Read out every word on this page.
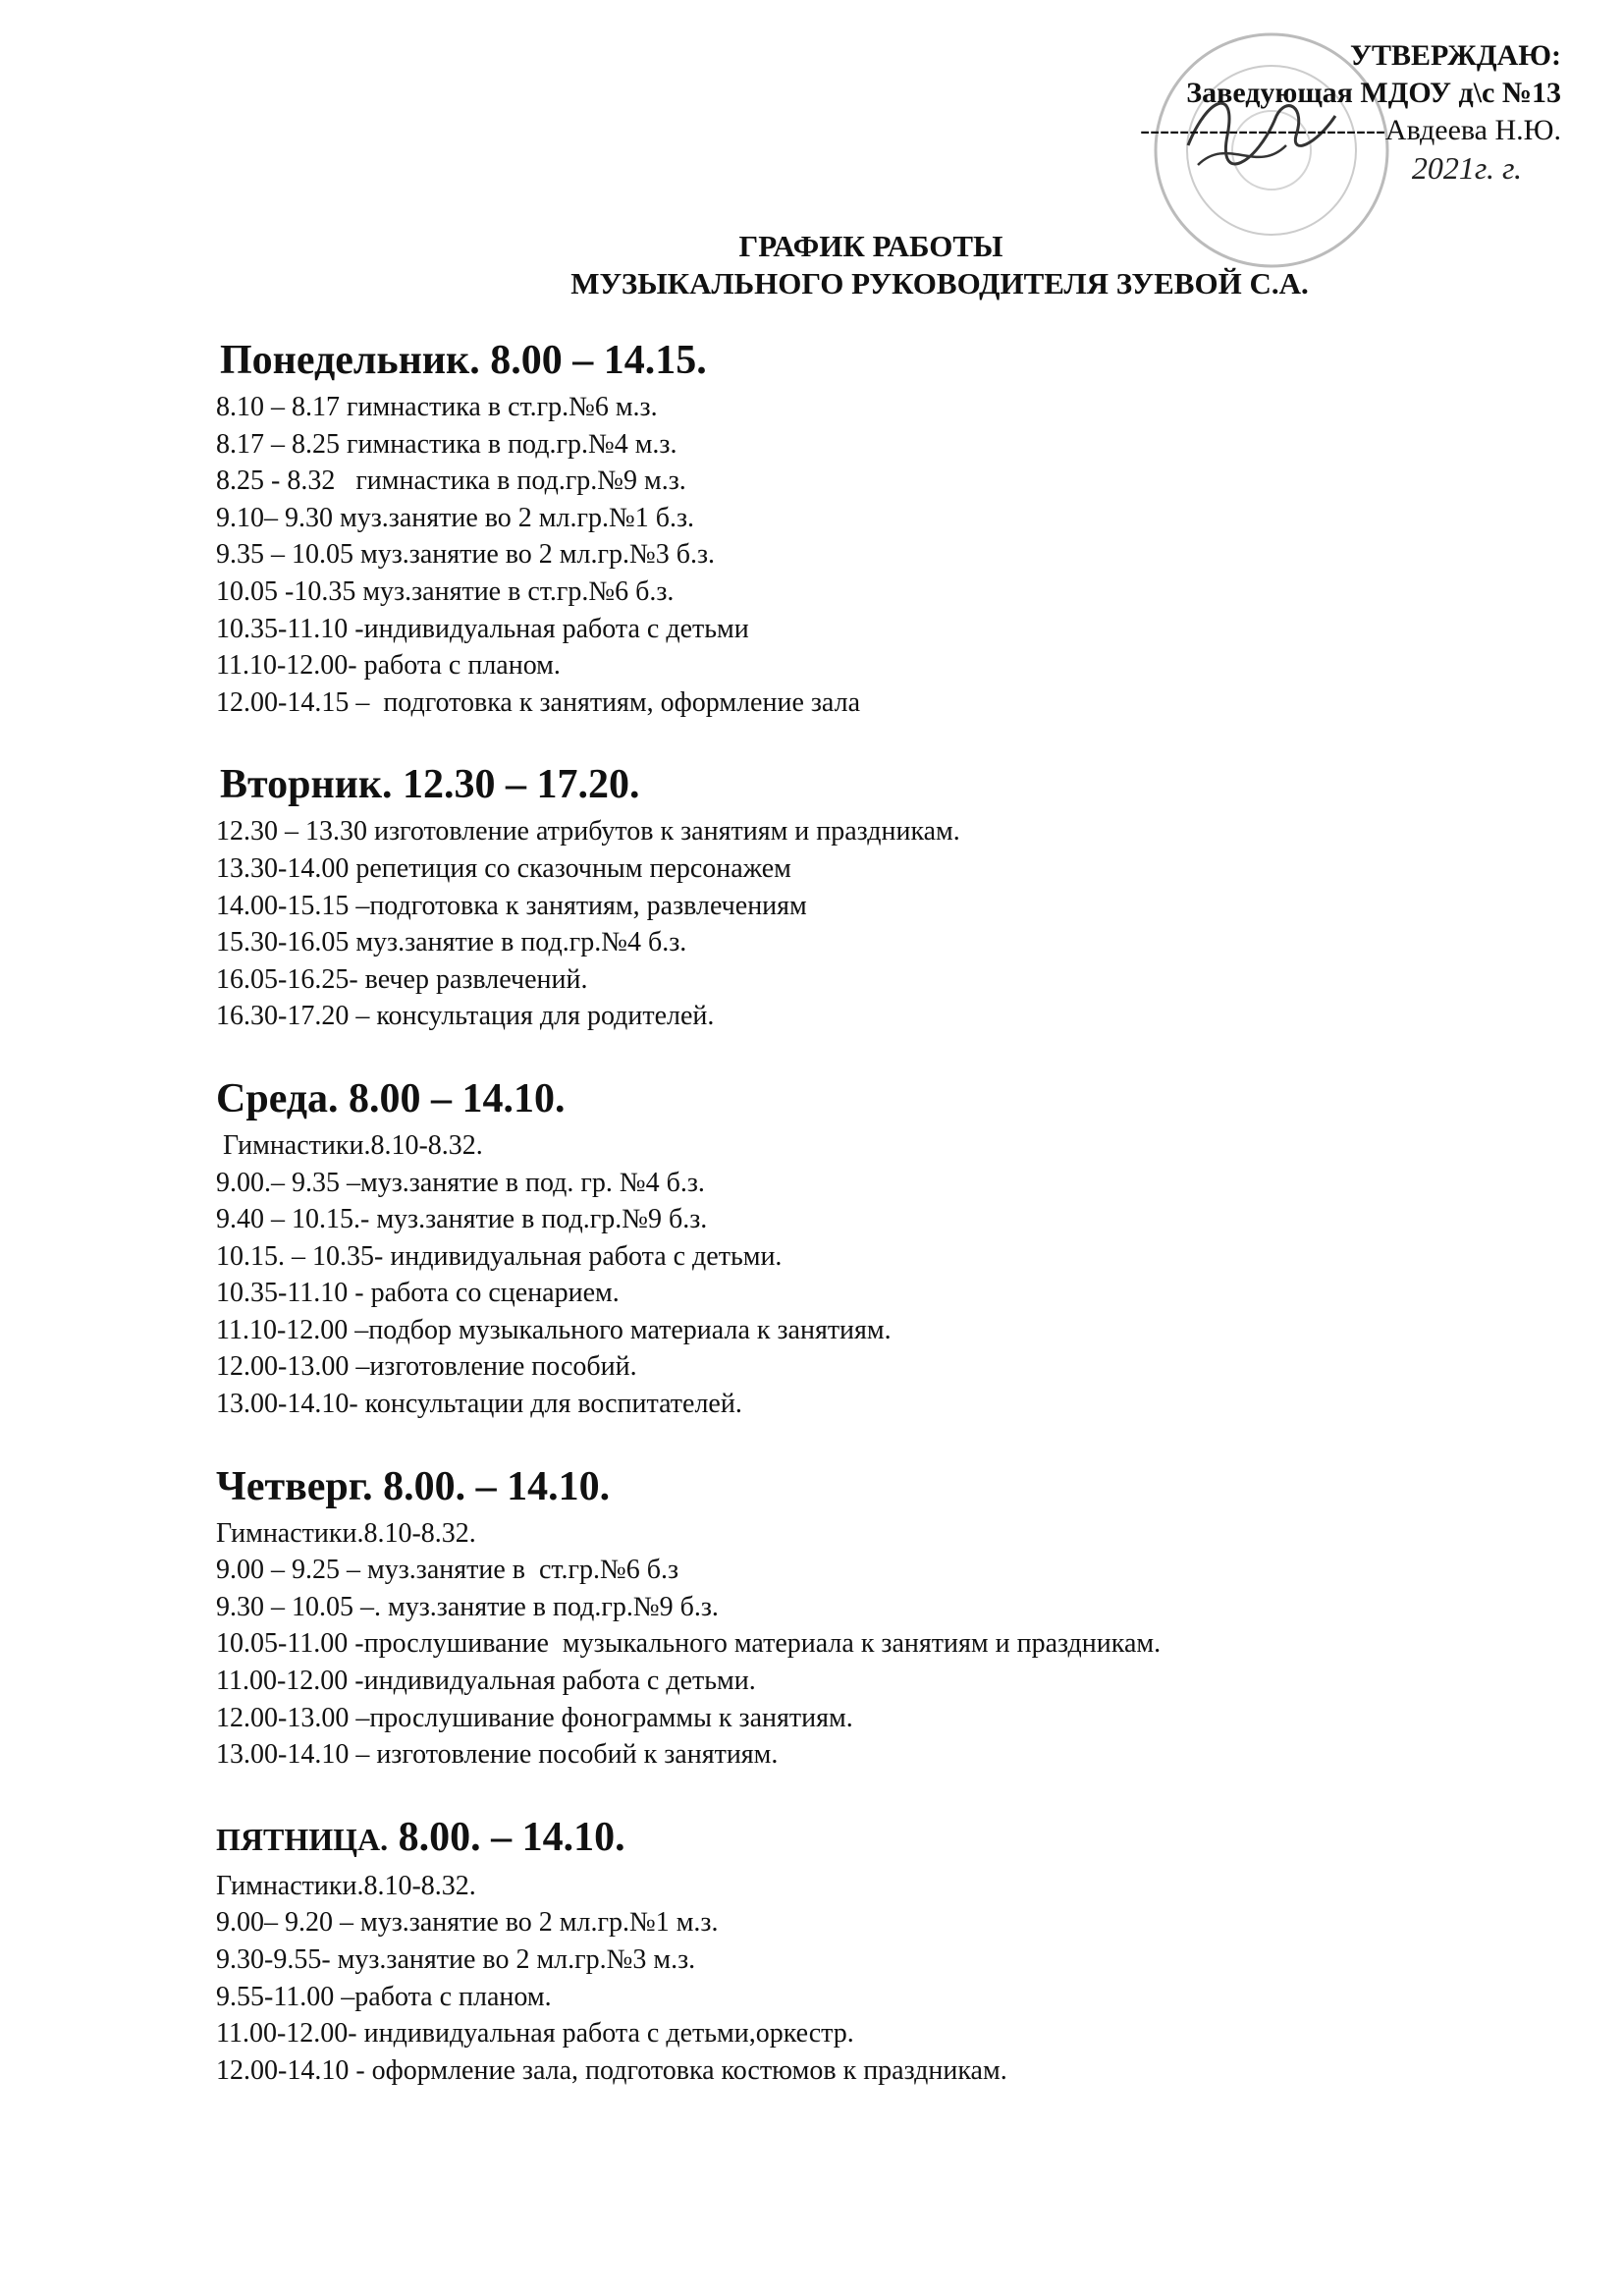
УТВЕРЖДАЮ:
Заведующая МДОУ д\с №13
-------------------------Авдеева Н.Ю.
2021г. г.
ГРАФИК РАБОТЫ
МУЗЫКАЛЬНОГО РУКОВОДИТЕЛЯ ЗУЕВОЙ С.А.
Понедельник. 8.00 – 14.15.
8.10 – 8.17 гимнастика в ст.гр.№6 м.з.
8.17 – 8.25 гимнастика в под.гр.№4 м.з.
8.25 - 8.32   гимнастика в под.гр.№9 м.з.
9.10– 9.30 муз.занятие во 2 мл.гр.№1 б.з.
9.35 – 10.05 муз.занятие во 2 мл.гр.№3 б.з.
10.05 -10.35 муз.занятие в ст.гр.№6 б.з.
10.35-11.10 -индивидуальная работа с детьми
11.10-12.00- работа с планом.
12.00-14.15 –  подготовка к занятиям, оформление зала
Вторник. 12.30 – 17.20.
12.30 – 13.30 изготовление атрибутов к занятиям и праздникам.
13.30-14.00 репетиция со сказочным персонажем
14.00-15.15 –подготовка к занятиям, развлечениям
15.30-16.05 муз.занятие в под.гр.№4 б.з.
16.05-16.25- вечер развлечений.
16.30-17.20 – консультация для родителей.
Среда. 8.00 – 14.10.
Гимнастики.8.10-8.32.
9.00.– 9.35 –муз.занятие в под. гр. №4 б.з.
9.40 – 10.15.- муз.занятие в под.гр.№9 б.з.
10.15. – 10.35- индивидуальная работа с детьми.
10.35-11.10 - работа со сценарием.
11.10-12.00 –подбор музыкального материала к занятиям.
12.00-13.00 –изготовление пособий.
13.00-14.10- консультации для воспитателей.
Четверг. 8.00. – 14.10.
Гимнастики.8.10-8.32.
9.00 – 9.25 – муз.занятие в  ст.гр.№6 б.з
9.30 – 10.05 –. муз.занятие в под.гр.№9 б.з.
10.05-11.00 -прослушивание  музыкального материала к занятиям и праздникам.
11.00-12.00 -индивидуальная работа с детьми.
12.00-13.00 –прослушивание фонограммы к занятиям.
13.00-14.10 – изготовление пособий к занятиям.
ПЯТНИЦА. 8.00. – 14.10.
Гимнастики.8.10-8.32.
9.00– 9.20 – муз.занятие во 2 мл.гр.№1 м.з.
9.30-9.55- муз.занятие во 2 мл.гр.№3 м.з.
9.55-11.00 –работа с планом.
11.00-12.00- индивидуальная работа с детьми,оркестр.
12.00-14.10 - оформление зала, подготовка костюмов к праздникам.
